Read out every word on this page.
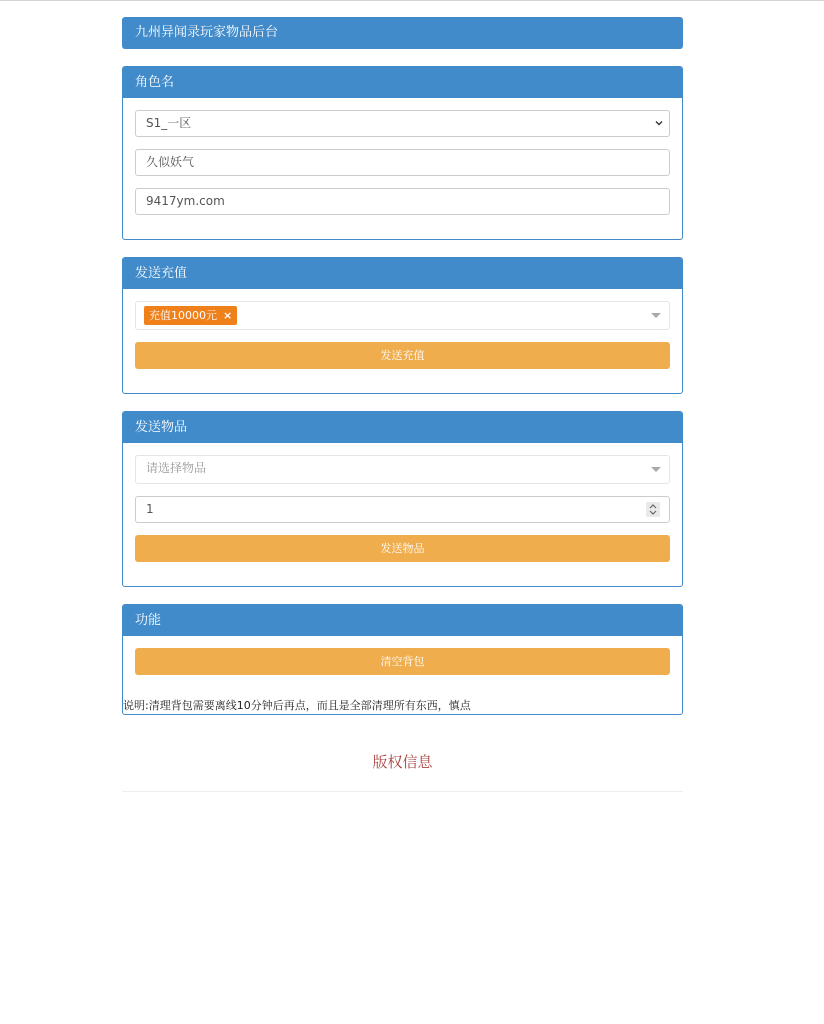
九州异闻录玩家物品后台
角色名
S1_一区
久似妖气
9417ym.com
发送充值
充值10000元 ×
发送充值
发送物品
请选择物品
1
发送物品
功能
清空背包
说明:清理背包需要离线10分钟后再点，而且是全部清理所有东西，慎点
版权信息
